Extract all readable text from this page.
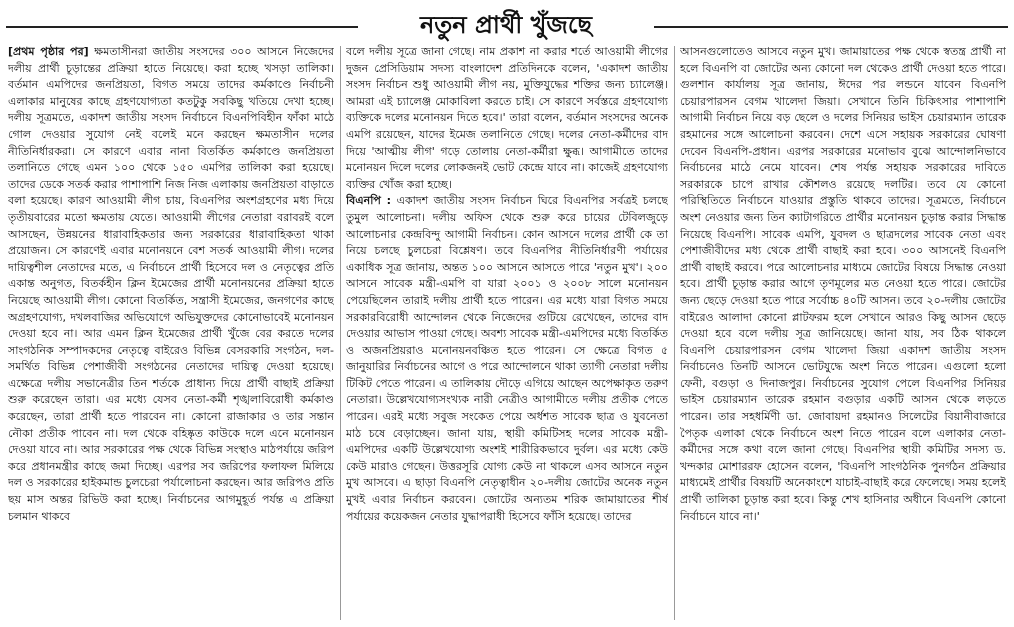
নতুন প্রার্থী খুঁজছে

[প্রথম পৃষ্ঠার পর] ক্ষমতাসীনরা জাতীয় সংসদের ৩০০ আসনে নিজেদের দলীয় প্রার্থী চূড়ান্তের প্রক্রিয়া হাতে নিয়েছে। করা হচ্ছে খসড়া তালিকা। বর্তমান এমপিদের জনপ্রিয়তা, বিগত সময়ে তাদের কর্মকাণ্ডে নির্বাচনী এলাকার মানুষের কাছে গ্রহণযোগ্যতা কতটুকু সবকিছু খতিয়ে দেখা হচ্ছে। দলীয় সূত্রমতে, একাদশ জাতীয় সংসদ নির্বাচনে বিএনপিবিহীন ফাঁকা মাঠে গোল দেওয়ার সুযোগ নেই বলেই মনে করছেন ক্ষমতাসীন দলের নীতিনির্ধারকরা। সে কারণে এবার নানা বিতর্কিত কর্মকাণ্ডে জনপ্রিয়তা তলানিতে গেছে এমন ১০০ থেকে ১৫০ এমপির তালিকা করা হয়েছে। তাদের ডেকে সতর্ক করার পাশাপাশি নিজ নিজ এলাকায় জনপ্রিয়তা বাড়াতে বলা হয়েছে। কারণ আওয়ামী লীগ চায়, বিএনপির অংশগ্রহণের মধ্য দিয়ে তৃতীয়বারের মতো ক্ষমতায় যেতে। আওয়ামী লীগের নেতারা বরাবরই বলে আসছেন, উন্নয়নের ধারাবাহিকতার জন্য সরকারের ধারাবাহিকতা থাকা প্রয়োজন। সে কারণেই এবার মনোনয়নে বেশ সতর্ক আওয়ামী লীগ। দলের দায়িত্বশীল নেতাদের মতে, এ নির্বাচনে প্রার্থী হিসেবে দল ও নেতৃত্বের প্রতি একান্ত অনুগত, বিতর্কহীন ক্লিন ইমেজের প্রার্থী মনোনয়নের প্রক্রিয়া হাতে নিয়েছে আওয়ামী লীগ। কোনো বিতর্কিত, সন্ত্রাসী ইমেজের, জনগণের কাছে অগ্রহণযোগ্য, দখলবাজির অভিযোগে অভিযুক্তদের কোনোভাবেই মনোনয়ন দেওয়া হবে না। আর এমন ক্লিন ইমেজের প্রার্থী খুঁজে বের করতে দলের সাংগঠনিক সম্পাদকদের নেতৃত্বে বাইরেও বিভিন্ন বেসরকারি সংগঠন, দল-সমর্থিত বিভিন্ন পেশাজীবী সংগঠনের নেতাদের দায়িত্ব দেওয়া হয়েছে। এক্ষেত্রে দলীয় সভানেত্রীর তিন শর্তকে প্রাধান্য দিয়ে প্রার্থী বাছাই প্রক্রিয়া শুরু করেছেন তারা। এর মধ্যে যেসব নেতা-কর্মী শৃঙ্খলাবিরোধী কর্মকাণ্ড করেছেন, তারা প্রার্থী হতে পারবেন না। কোনো রাজাকার ও তার সন্তান নৌকা প্রতীক পাবেন না। দল থেকে বহিষ্কৃত কাউকে দলে এনে মনোনয়ন দেওয়া যাবে না। আর সরকারের পক্ষ থেকে বিভিন্ন সংস্থাও মাঠপর্যায়ে জরিপ করে প্রধানমন্ত্রীর কাছে জমা দিচ্ছে। এরপর সব জরিপের ফলাফল মিলিয়ে দল ও সরকারের হাইকমান্ড চুলচেরা পর্যালোচনা করছেন। আর জরিপও প্রতি ছয় মাস অন্তর রিভিউ করা হচ্ছে। নির্বাচনের আগমুহূর্ত পর্যন্ত এ প্রক্রিয়া চলমান থাকবে

বলে দলীয় সূত্রে জানা গেছে। নাম প্রকাশ না করার শর্তে আওয়ামী লীগের দুজন প্রেসিডিয়াম সদস্য বাংলাদেশ প্রতিদিনকে বলেন, 'একাদশ জাতীয় সংসদ নির্বাচন শুধু আওয়ামী লীগ নয়, মুক্তিযুদ্ধের শক্তির জন্য চ্যালেঞ্জ। আমরা এই চ্যালেঞ্জ মোকাবিলা করতে চাই। সে কারণে সর্বস্তরে গ্রহণযোগ্য ব্যক্তিকে দলের মনোনয়ন দিতে হবে।' তারা বলেন, বর্তমান সংসদের অনেক এমপি রয়েছেন, যাদের ইমেজ তলানিতে গেছে। দলের নেতা-কর্মীদের বাদ দিয়ে 'আত্মীয় লীগ' গড়ে তোলায় নেতা-কর্মীরা ক্ষুব্ধ। আগামীতে তাদের মনোনয়ন দিলে দলের লোকজনই ভোট কেন্দ্রে যাবে না। কাজেই গ্রহণযোগ্য ব্যক্তির খোঁজ করা হচ্ছে।

বিএনপি : একাদশ জাতীয় সংসদ নির্বাচন ঘিরে বিএনপির সর্বত্রই চলছে তুমুল আলোচনা। দলীয় অফিস থেকে শুরু করে চায়ের টেবিলজুড়ে আলোচনার কেন্দ্রবিন্দু আগামী নির্বাচন। কোন আসনে দলের প্রার্থী কে তা নিয়ে চলছে চুলচেরা বিশ্লেষণ। তবে বিএনপির নীতিনির্ধারণী পর্যায়ের একাধিক সূত্র জানায়, অন্তত ১০০ আসনে আসতে পারে 'নতুন মুখ'। ২০০ আসনে সাবেক মন্ত্রী-এমপি বা যারা ২০০১ ও ২০০৮ সালে মনোনয়ন পেয়েছিলেন তারাই দলীয় প্রার্থী হতে পারেন। এর মধ্যে যারা বিগত সময়ে সরকারবিরোধী আন্দোলন থেকে নিজেদের গুটিয়ে রেখেছেন, তাদের বাদ দেওয়ার আভাস পাওয়া গেছে। অবশ্য সাবেক মন্ত্রী-এমপিদের মধ্যে বিতর্কিত ও অজনপ্রিয়রাও মনোনয়নবঞ্চিত হতে পারেন। সে ক্ষেত্রে বিগত ৫ জানুয়ারির নির্বাচনের আগে ও পরে আন্দোলনে থাকা ত্যাগী নেতারা দলীয় টিকিট পেতে পারেন। এ তালিকায় দৌড়ে এগিয়ে আছেন অপেক্ষাকৃত তরুণ নেতারা। উল্লেখযোগ্যসংখ্যক নারী নেত্রীও আগামীতে দলীয় প্রতীক পেতে পারেন। এরই মধ্যে সবুজ সংকেত পেয়ে অর্ধশত সাবেক ছাত্র ও যুবনেতা মাঠ চষে বেড়াচ্ছেন। জানা যায়, স্থায়ী কমিটিসহ দলের সাবেক মন্ত্রী-এমপিদের একটি উল্লেখযোগ্য অংশই শারীরিকভাবে দুর্বল। এর মধ্যে কেউ কেউ মারাও গেছেন। উত্তরসূরি যোগ্য কেউ না থাকলে এসব আসনে নতুন মুখ আসবে। এ ছাড়া বিএনপি নেতৃত্বাধীন ২০-দলীয় জোটের অনেক নতুন মুখই এবার নির্বাচন করবেন। জোটের অন্যতম শরিক জামায়াতের শীর্ষ পর্যায়ের কয়েকজন নেতার যুদ্ধাপরাধী হিসেবে ফাঁসি হয়েছে। তাদের

আসনগুলোতেও আসবে নতুন মুখ। জামায়াতের পক্ষ থেকে স্বতন্ত্র প্রার্থী না হলে বিএনপি বা জোটের অন্য কোনো দল থেকেও প্রার্থী দেওয়া হতে পারে। গুলশান কার্যালয় সূত্র জানায়, ঈদের পর লন্ডনে যাবেন বিএনপি চেয়ারপারসন বেগম খালেদা জিয়া। সেখানে তিনি চিকিৎসার পাশাপাশি আগামী নির্বাচন নিয়ে বড় ছেলে ও দলের সিনিয়র ভাইস চেয়ারম্যান তারেক রহমানের সঙ্গে আলোচনা করবেন। দেশে এসে সহায়ক সরকারের ঘোষণা দেবেন বিএনপি-প্রধান। এরপর সরকারের মনোভাব বুঝে আন্দোলনিভাবে নির্বাচনের মাঠে নেমে যাবেন। শেষ পর্যন্ত সহায়ক সরকারের দাবিতে সরকারকে চাপে রাখার কৌশলও রয়েছে দলটির। তবে যে কোনো পরিস্থিতিতে নির্বাচনে যাওয়ার প্রস্তুতি থাকবে তাদের। সূত্রমতে, নির্বাচনে অংশ নেওয়ার জন্য তিন ক্যাটাগরিতে প্রার্থীর মনোনয়ন চূড়ান্ত করার সিদ্ধান্ত নিয়েছে বিএনপি। সাবেক এমপি, যুবদল ও ছাত্রদলের সাবেক নেতা এবং পেশাজীবীদের মধ্য থেকে প্রার্থী বাছাই করা হবে। ৩০০ আসনেই বিএনপি প্রার্থী বাছাই করবে। পরে আলোচনার মাধ্যমে জোটের বিষয়ে সিদ্ধান্ত নেওয়া হবে। প্রার্থী চূড়ান্ত করার আগে তৃণমূলের মত নেওয়া হতে পারে। জোটের জন্য ছেড়ে দেওয়া হতে পারে সর্বোচ্চ ৪০টি আসন। তবে ২০-দলীয় জোটের বাইরেও আলাদা কোনো প্লাটফরম হলে সেখানে আরও কিছু আসন ছেড়ে দেওয়া হবে বলে দলীয় সূত্র জানিয়েছে। জানা যায়, সব ঠিক থাকলে বিএনপি চেয়ারপারসন বেগম খালেদা জিয়া একাদশ জাতীয় সংসদ নির্বাচনেও তিনটি আসনে ভোটযুদ্ধে অংশ নিতে পারেন। এগুলো হলো ফেনী, বগুড়া ও দিনাজপুর। নির্বাচনের সুযোগ পেলে বিএনপির সিনিয়র ভাইস চেয়ারম্যান তারেক রহমান বগুড়ার একটি আসন থেকে লড়তে পারেন। তার সহধর্মিণী ডা. জোবায়দা রহমানও সিলেটের বিয়ানীবাজারে পৈতৃক এলাকা থেকে নির্বাচনে অংশ নিতে পারেন বলে এলাকার নেতা-কর্মীদের সঙ্গে কথা বলে জানা গেছে। বিএনপির স্থায়ী কমিটির সদস্য ড. খন্দকার মোশাররফ হোসেন বলেন, 'বিএনপি সাংগঠনিক পুনর্গঠন প্রক্রিয়ার মাধ্যমেই প্রার্থীর বিষয়টি অনেকাংশে যাচাই-বাছাই করে ফেলেছে। সময় হলেই প্রার্থী তালিকা চূড়ান্ত করা হবে। কিন্তু শেখ হাসিনার অধীনে বিএনপি কোনো নির্বাচনে যাবে না।'
